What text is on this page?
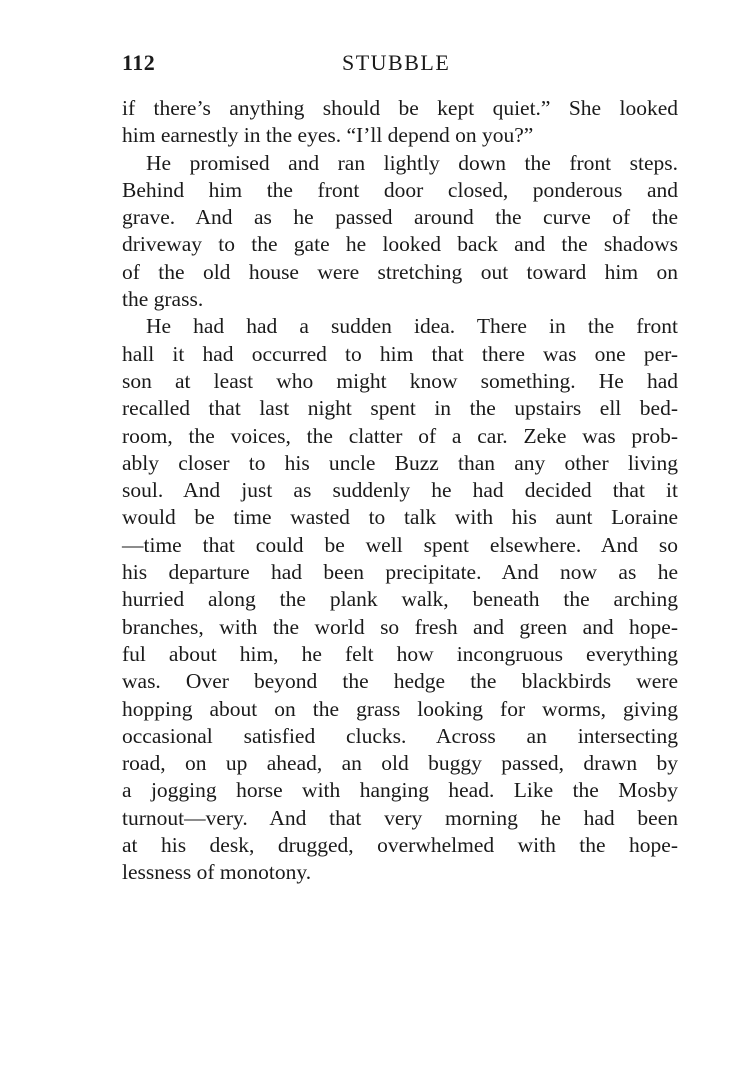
112	STUBBLE
if there’s anything should be kept quiet.” She looked
him earnestly in the eyes. “I’ll depend on you?”
He promised and ran lightly down the front steps.
Behind him the front door closed, ponderous and
grave. And as he passed around the curve of the
driveway to the gate he looked back and the shadows
of the old house were stretching out toward him on
the grass.
He had had a sudden idea. There in the front
hall it had occurred to him that there was one per-
son at least who might know something. He had
recalled that last night spent in the upstairs ell bed-
room, the voices, the clatter of a car. Zeke was prob-
ably closer to his uncle Buzz than any other living
soul. And just as suddenly he had decided that it
would be time wasted to talk with his aunt Loraine
—time that could be well spent elsewhere. And so
his departure had been precipitate. And now as he
hurried along the plank walk, beneath the arching
branches, with the world so fresh and green and hope-
ful about him, he felt how incongruous everything
was. Over beyond the hedge the blackbirds were
hopping about on the grass looking for worms, giving
occasional satisfied clucks. Across an intersecting
road, on up ahead, an old buggy passed, drawn by
a jogging horse with hanging head. Like the Mosby
turnout—very. And that very morning he had been
at his desk, drugged, overwhelmed with the hope-
lessness of monotony.
